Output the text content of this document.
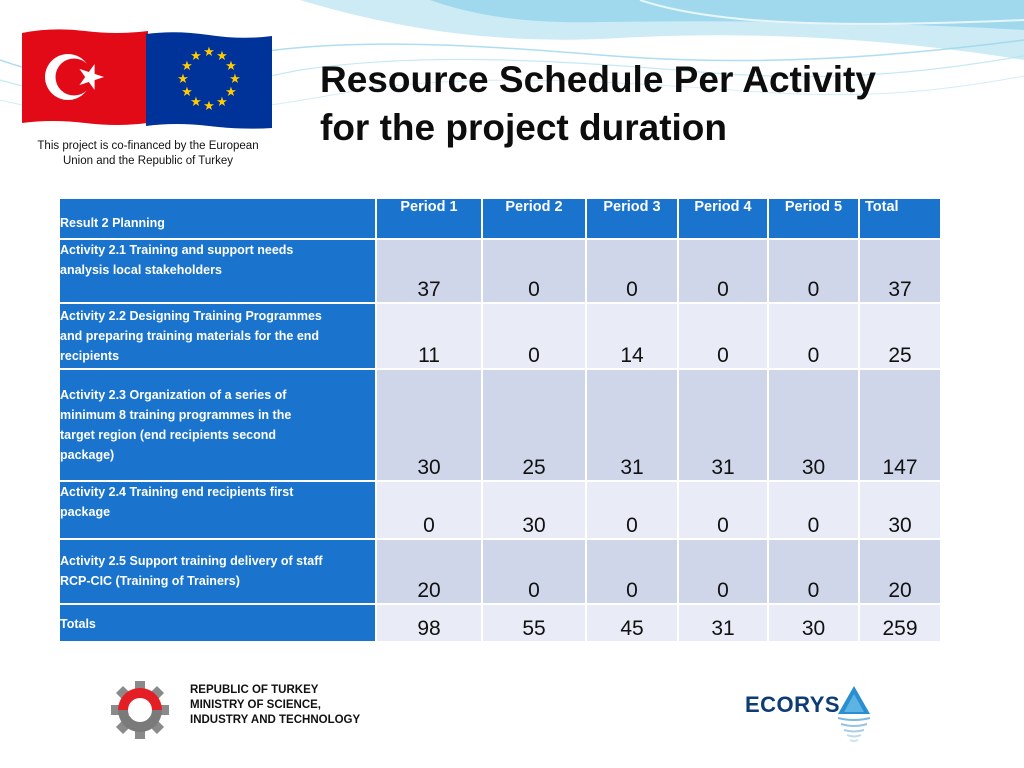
★ ★
★
★
★
★
★
★
★
★
★
★
This project is co-financed by the European
Union and the Republic of Turkey
Resource Schedule Per Activity
for the project duration
Result 2 Planning	Period 1	Period 2	Period 3	Period 4	Period 5	Total

Activity 2.1 Training and support needs
analysis local stakeholders	37	0	0	0	0	37

Activity 2.2 Designing Training Programmes
and preparing training materials for the end
recipients	11	0	14	0	0	25

Activity 2.3 Organization of a series of
minimum 8 training programmes in the
target region (end recipients second
package)	30	25	31	31	30	147

Activity 2.4 Training end recipients first
package	0	30	0	0	0	30

Activity 2.5 Support training delivery of staff
RCP-CIC (Training of Trainers)	20	0	0	0	0	20

Totals	98	55	45	31	30	259
REPUBLIC OF TURKEY
MINISTRY OF SCIENCE,
INDUSTRY AND TECHNOLOGY
ECORYS
